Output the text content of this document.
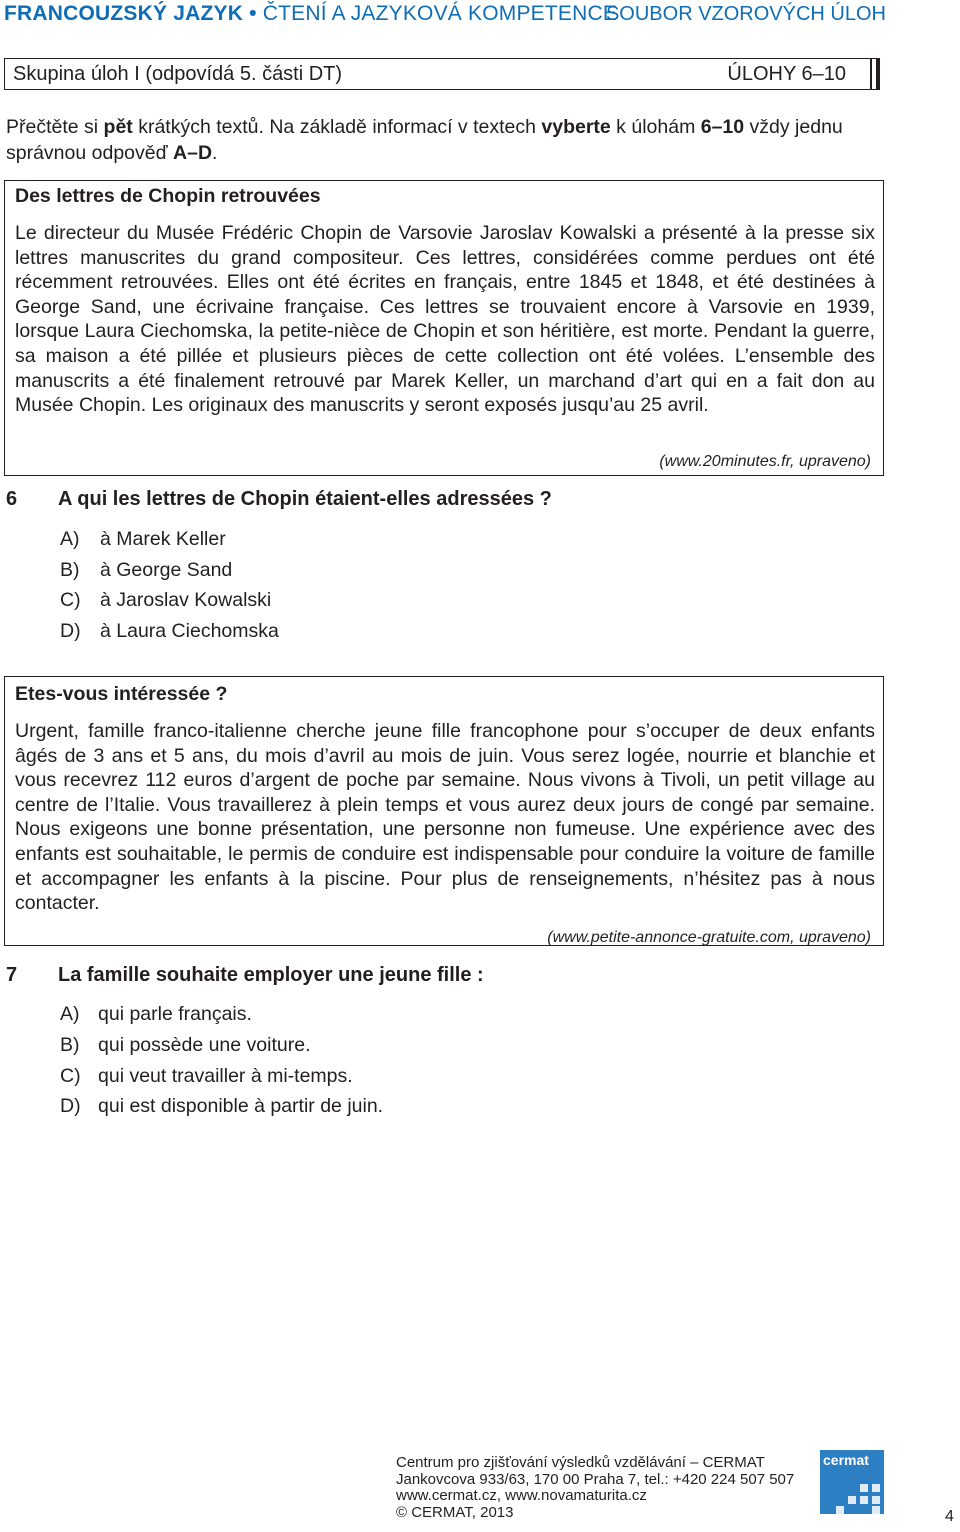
FRANCOUZSKÝ JAZYK • ČTENÍ A JAZYKOVÁ KOMPETENCE
SOUBOR VZOROVÝCH ÚLOH
Skupina úloh I (odpovídá 5. části DT)	ÚLOHY 6–10
Přečtěte si pět krátkých textů. Na základě informací v textech vyberte k úlohám 6–10 vždy jednu správnou odpověď A–D.
Des lettres de Chopin retrouvées
Le directeur du Musée Frédéric Chopin de Varsovie Jaroslav Kowalski a présenté à la presse six lettres manuscrites du grand compositeur. Ces lettres, considérées comme perdues ont été récemment retrouvées. Elles ont été écrites en français, entre 1845 et 1848, et été destinées à George Sand, une écrivaine française. Ces lettres se trouvaient encore à Varsovie en 1939, lorsque Laura Ciechomska, la petite-nièce de Chopin et son héritière, est morte. Pendant la guerre, sa maison a été pillée et plusieurs pièces de cette collection ont été volées. L’ensemble des manuscrits a été finalement retrouvé par Marek Keller, un marchand d’art qui en a fait don au Musée Chopin. Les originaux des manuscrits y seront exposés jusqu’au 25 avril.
(www.20minutes.fr, upraveno)
6 A qui les lettres de Chopin étaient-elles adressées ?
A) à Marek Keller
B) à George Sand
C) à Jaroslav Kowalski
D) à Laura Ciechomska
Etes-vous intéressée ?
Urgent, famille franco-italienne cherche jeune fille francophone pour s’occuper de deux enfants âgés de 3 ans et 5 ans, du mois d’avril au mois de juin. Vous serez logée, nourrie et blanchie et vous recevrez 112 euros d’argent de poche par semaine. Nous vivons à Tivoli, un petit village au centre de l’Italie. Vous travaillerez à plein temps et vous aurez deux jours de congé par semaine. Nous exigeons une bonne présentation, une personne non fumeuse. Une expérience avec des enfants est souhaitable, le permis de conduire est indispensable pour conduire la voiture de famille et accompagner les enfants à la piscine. Pour plus de renseignements, n’hésitez pas à nous contacter.
(www.petite-annonce-gratuite.com, upraveno)
7 La famille souhaite employer une jeune fille :
A) qui parle français.
B) qui possède une voiture.
C) qui veut travailler à mi-temps.
D) qui est disponible à partir de juin.
Centrum pro zjišťování výsledků vzdělávání – CERMAT
Jankovcova 933/63, 170 00 Praha 7, tel.: +420 224 507 507
www.cermat.cz, www.novamaturita.cz
© CERMAT, 2013
cermat
4
